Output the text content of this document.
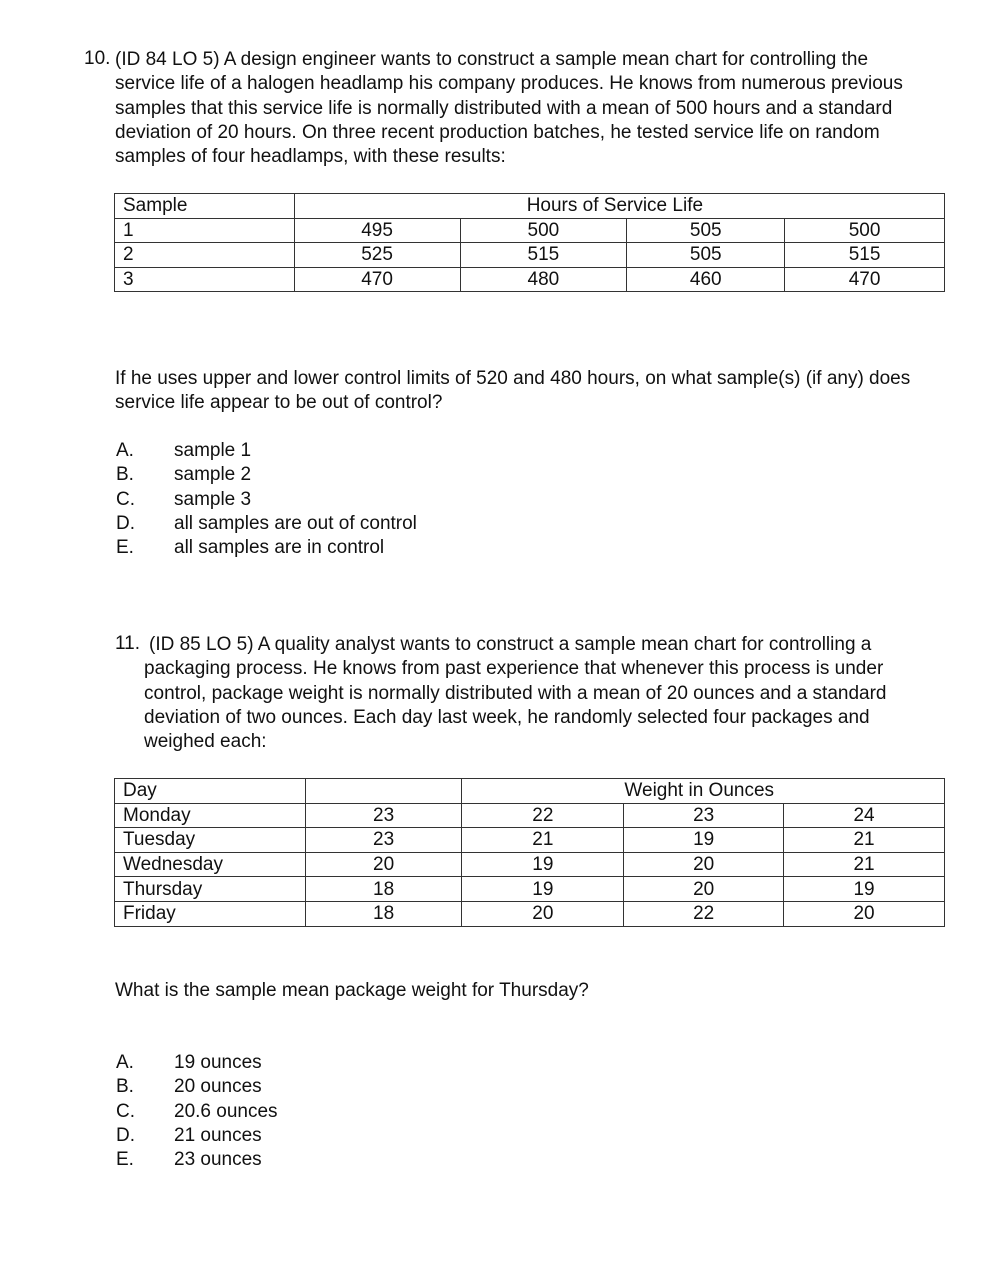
10. (ID 84 LO 5) A design engineer wants to construct a sample mean chart for controlling the
service life of a halogen headlamp his company produces. He knows from numerous previous
samples that this service life is normally distributed with a mean of 500 hours and a standard
deviation of 20 hours. On three recent production batches, he tested service life on random
samples of four headlamps, with these results:
Sample	Hours of Service Life			
1	495	500	505	500
2	525	515	505	515
3	470	480	460	470
If he uses upper and lower control limits of 520 and 480 hours, on what sample(s) (if any) does
service life appear to be out of control?
A. sample 1
B. sample 2
C. sample 3
D. all samples are out of control
E. all samples are in control
11. (ID 85 LO 5) A quality analyst wants to construct a sample mean chart for controlling a
packaging process. He knows from past experience that whenever this process is under
control, package weight is normally distributed with a mean of 20 ounces and a standard
deviation of two ounces. Each day last week, he randomly selected four packages and
weighed each:
Day		Weight in Ounces		
Monday	23	22	23	24
Tuesday	23	21	19	21
Wednesday	20	19	20	21
Thursday	18	19	20	19
Friday	18	20	22	20
What is the sample mean package weight for Thursday?
A. 19 ounces
B. 20 ounces
C. 20.6 ounces
D. 21 ounces
E. 23 ounces
